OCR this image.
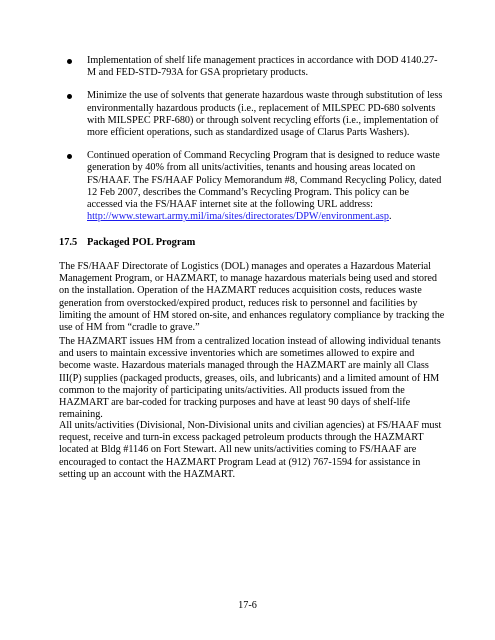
Implementation of shelf life management practices in accordance with DOD 4140.27-M and FED-STD-793A for GSA proprietary products.
Minimize the use of solvents that generate hazardous waste through substitution of less environmentally hazardous products (i.e., replacement of MILSPEC PD-680 solvents with MILSPEC PRF-680) or through solvent recycling efforts (i.e., implementation of more efficient operations, such as standardized usage of Clarus Parts Washers).
Continued operation of Command Recycling Program that is designed to reduce waste generation by 40% from all units/activities, tenants and housing areas located on FS/HAAF. The FS/HAAF Policy Memorandum #8, Command Recycling Policy, dated 12 Feb 2007, describes the Command’s Recycling Program. This policy can be accessed via the FS/HAAF internet site at the following URL address: http://www.stewart.army.mil/ima/sites/directorates/DPW/environment.asp.
17.5 Packaged POL Program

The FS/HAAF Directorate of Logistics (DOL) manages and operates a Hazardous Material Management Program, or HAZMART, to manage hazardous materials being used and stored on the installation. Operation of the HAZMART reduces acquisition costs, reduces waste generation from overstocked/expired product, reduces risk to personnel and facilities by limiting the amount of HM stored on-site, and enhances regulatory compliance by tracking the use of HM from “cradle to grave.”

The HAZMART issues HM from a centralized location instead of allowing individual tenants and users to maintain excessive inventories which are sometimes allowed to expire and become waste. Hazardous materials managed through the HAZMART are mainly all Class III(P) supplies (packaged products, greases, oils, and lubricants) and a limited amount of HM common to the majority of participating units/activities. All products issued from the HAZMART are bar-coded for tracking purposes and have at least 90 days of shelf-life remaining.

All units/activities (Divisional, Non-Divisional units and civilian agencies) at FS/HAAF must request, receive and turn-in excess packaged petroleum products through the HAZMART located at Bldg #1146 on Fort Stewart. All new units/activities coming to FS/HAAF are encouraged to contact the HAZMART Program Lead at (912) 767-1594 for assistance in setting up an account with the HAZMART.

17-6
